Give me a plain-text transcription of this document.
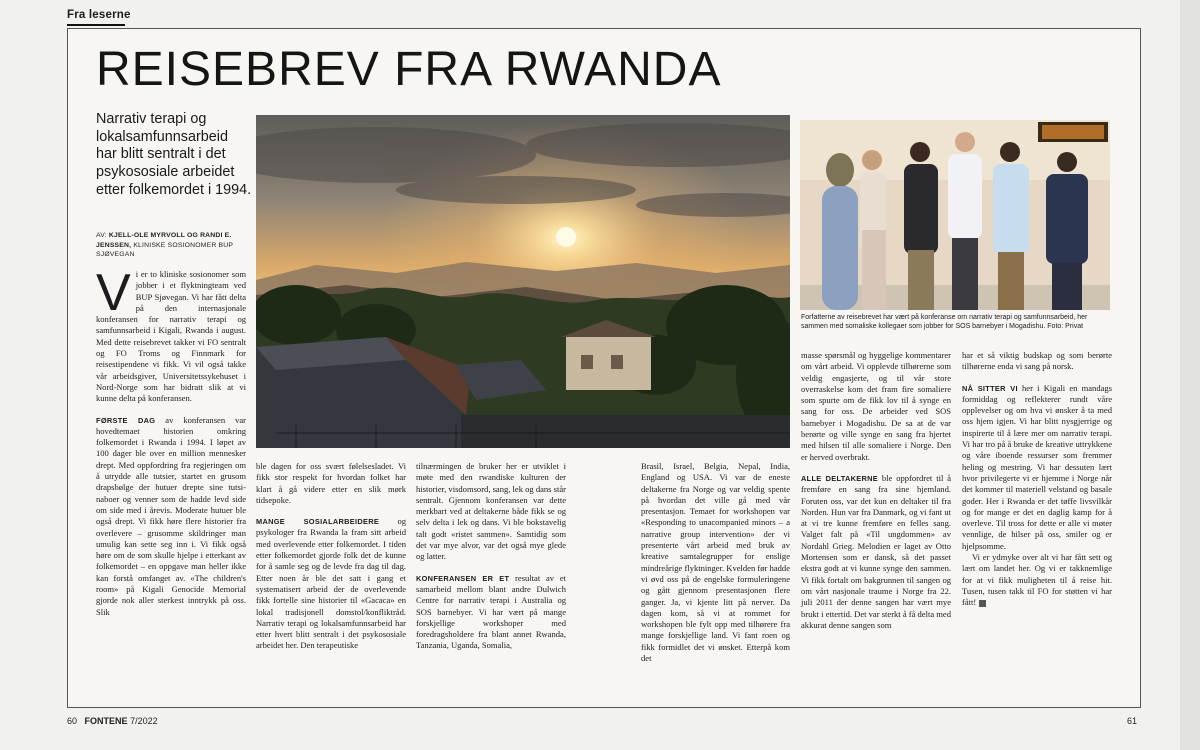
Fra leserne
REISEBREV FRA RWANDA
Narrativ terapi og lokalsamfunnsarbeid har blitt sentralt i det psykososiale arbeidet etter folkemordet i 1994.
AV: KJELL-OLE MYRVOLL OG RANDI E. JENSSEN, KLINISKE SOSIONOMER BUP SJØVEGAN

Vi er to kliniske sosionomer som jobber i et flyktningteam ved BUP Sjøvegan. Vi har fått delta på den internasjonale konferansen for narrativ terapi og samfunnsarbeid i Kigali, Rwanda i august. Med dette reisebrevet takker vi FO sentralt og FO Troms og Finnmark for reisestipendene vi fikk. Vi vil også takke vår arbeidsgiver, Universitetssykehuset i Nord-Norge som har bidratt slik at vi kunne delta på konferansen.

FØRSTE DAG av konferansen var hovedtemaet historien omkring folkemordet i Rwanda i 1994. I løpet av 100 dager ble over en million mennesker drept. Med oppfordring fra regjeringen om å utrydde alle tutsier, startet en grusom drapsbølge der hutuer drepte sine tutsi-naboer og venner som de hadde levd side om side med i årevis. Moderate hutuer ble også drept. Vi fikk høre flere historier fra overlevere – grusomme skildringer man umulig kan sette seg inn i. Vi fikk også høre om de som skulle hjelpe i etterkant av folkemordet – en oppgave man heller ikke kan forstå omfanget av. «The children's room» på Kigali Genocide Memorial gjorde nok aller sterkest inntrykk på oss. Slik

Forfatterne av reisebrevet har vært på konferanse om narrativ terapi og samfunnsarbeid, her sammen med somaliske kollegaer som jobber for SOS barnebyer i Mogadishu. Foto: Privat

ble dagen for oss svært følelsesladet. Vi fikk stor respekt for hvordan folket har klart å gå videre etter en slik mørk tidsepoke.

MANGE SOSIALARBEIDERE og psykologer fra Rwanda la fram sitt arbeid med overlevende etter folkemordet. I tiden etter folkemordet gjorde folk det de kunne for å samle seg og de levde fra dag til dag. Etter noen år ble det satt i gang et systematisert arbeid der de overlevende fikk fortelle sine historier til «Gacaca» en lokal tradisjonell domstol/konfliktråd. Narrativ terapi og lokalsamfunnsarbeid har etter hvert blitt sentralt i det psykososiale arbeidet her. Den terapeutiske

tilnærmingen de bruker her er utviklet i møte med den rwandiske kulturen der historier, visdomsord, sang, lek og dans står sentralt. Gjennom konferansen var dette merkbart ved at deltakerne både fikk se og selv delta i lek og dans. Vi ble bokstavelig talt godt «ristet sammen». Samtidig som det var mye alvor, var det også mye glede og latter.

KONFERANSEN ER ET resultat av et samarbeid mellom blant andre Dulwich Centre for narrativ terapi i Australia og SOS barnebyer. Vi har vært på mange forskjellige workshoper med foredragsholdere fra blant annet Rwanda, Tanzania, Uganda, Somalia,

Brasil, Israel, Belgia, Nepal, India, England og USA. Vi var de eneste deltakerne fra Norge og var veldig spente på hvordan det ville gå med vår presentasjon. Temaet for workshopen var «Responding to unacompanied minors – a narrative group intervention» der vi presenterte vårt arbeid med bruk av kreative samtalegrupper for enslige mindreårige flyktninger. Kvelden før hadde vi øvd oss på de engelske formuleringene og gått gjennom presentasjonen flere ganger. Ja, vi kjente litt på nerver. Da dagen kom, så vi at rommet for workshopen ble fylt opp med tilhørere fra mange forskjellige land. Vi fant roen og fikk formidlet det vi ønsket. Etterpå kom det

masse spørsmål og hyggelige kommentarer om vårt arbeid. Vi opplevde tilhørerne som veldig engasjerte, og til vår store overraskelse kom det fram fire somaliere som spurte om de fikk lov til å synge en sang for oss. De arbeider ved SOS barnebyer i Mogadishu. De sa at de var berørte og ville synge en sang fra hjertet med hilsen til alle somaliere i Norge. Den er herved overbrakt.

ALLE DELTAKERNE ble oppfordret til å fremføre en sang fra sine hjemland. Foruten oss, var det kun en deltaker til fra Norden. Hun var fra Danmark, og vi fant ut at vi tre kunne fremføre en felles sang. Valget falt på «Til ungdommen» av Nordahl Grieg. Melodien er laget av Otto Mortensen som er dansk, så det passet ekstra godt at vi kunne synge den sammen. Vi fikk fortalt om bakgrunnen til sangen og om vårt nasjonale traume i Norge fra 22. juli 2011 der denne sangen har vært mye brukt i ettertid. Det var sterkt å få delta med akkurat denne sangen som

har et så viktig budskap og som berørte tilhørerne enda vi sang på norsk.

NÅ SITTER VI her i Kigali en mandags formiddag og reflekterer rundt våre opplevelser og om hva vi ønsker å ta med oss hjem igjen. Vi har blitt nysgjerrige og inspirerte til å lære mer om narrativ terapi. Vi har tro på å bruke de kreative uttrykkene og våre iboende ressurser som fremmer heling og mestring. Vi har dessuten lært hvor privilegerte vi er hjemme i Norge når det kommer til materiell velstand og basale goder. Her i Rwanda er det tøffe livsvilkår og for mange er det en daglig kamp for å overleve. Til tross for dette er alle vi møter vennlige, de hilser på oss, smiler og er hjelpsomme.

Vi er ydmyke over alt vi har fått sett og lært om landet her. Og vi er takknemlige for at vi fikk muligheten til å reise hit. Tusen, tusen takk til FO for støtten vi har fått!

60 FONTENE 7/2022	61
